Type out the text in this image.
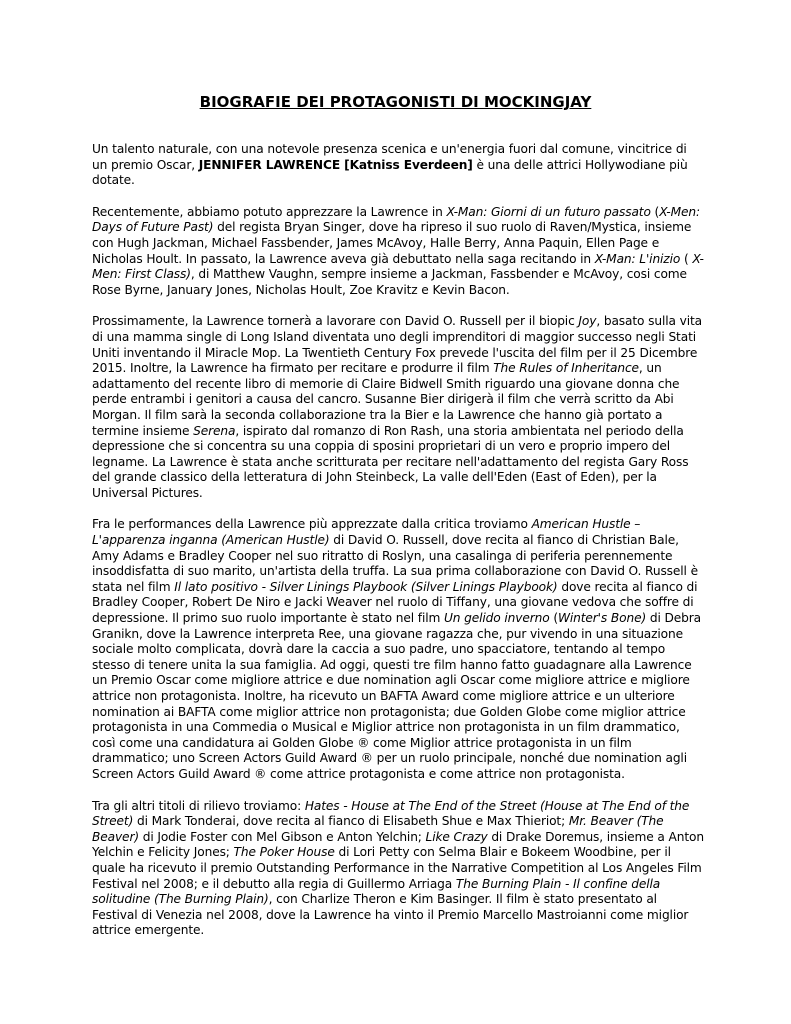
BIOGRAFIE DEI PROTAGONISTI DI MOCKINGJAY

Un talento naturale, con una notevole presenza scenica e un'energia fuori dal comune, vincitrice di un premio Oscar, JENNIFER LAWRENCE [Katniss Everdeen] è una delle attrici Hollywodiane più dotate.

Recentemente, abbiamo potuto apprezzare la Lawrence in X-Man: Giorni di un futuro passato (X-Men: Days of Future Past) del regista Bryan Singer, dove ha ripreso il suo ruolo di Raven/Mystica, insieme con Hugh Jackman, Michael Fassbender, James McAvoy, Halle Berry, Anna Paquin, Ellen Page e Nicholas Hoult. In passato, la Lawrence aveva già debuttato nella saga recitando in X-Man: L'inizio ( X-Men: First Class), di Matthew Vaughn, sempre insieme a Jackman, Fassbender e McAvoy, cosi come Rose Byrne, January Jones, Nicholas Hoult, Zoe Kravitz e Kevin Bacon.

Prossimamente, la Lawrence tornerà a lavorare con David O. Russell per il biopic Joy, basato sulla vita di una mamma single di Long Island diventata uno degli imprenditori di maggior successo negli Stati Uniti inventando il Miracle Mop. La Twentieth Century Fox prevede l'uscita del film per il 25 Dicembre 2015. Inoltre, la Lawrence ha firmato per recitare e produrre il film The Rules of Inheritance, un adattamento del recente libro di memorie di Claire Bidwell Smith riguardo una giovane donna che perde entrambi i genitori a causa del cancro. Susanne Bier dirigerà il film che verrà scritto da Abi Morgan. Il film sarà la seconda collaborazione tra la Bier e la Lawrence che hanno già portato a termine insieme Serena, ispirato dal romanzo di Ron Rash, una storia ambientata nel periodo della depressione che si concentra su una coppia di sposini proprietari di un vero e proprio impero del legname. La Lawrence è stata anche scritturata per recitare nell'adattamento del regista Gary Ross del grande classico della letteratura di John Steinbeck, La valle dell'Eden (East of Eden), per la Universal Pictures.

Fra le performances della Lawrence più apprezzate dalla critica troviamo American Hustle – L'apparenza inganna (American Hustle) di David O. Russell, dove recita al fianco di Christian Bale, Amy Adams e Bradley Cooper nel suo ritratto di Roslyn, una casalinga di periferia perennemente insoddisfatta di suo marito, un'artista della truffa. La sua prima collaborazione con David O. Russell è stata nel film Il lato positivo - Silver Linings Playbook (Silver Linings Playbook) dove recita al fianco di Bradley Cooper, Robert De Niro e Jacki Weaver nel ruolo di Tiffany, una giovane vedova che soffre di depressione. Il primo suo ruolo importante è stato nel film Un gelido inverno (Winter's Bone) di Debra Granikn, dove la Lawrence interpreta Ree, una giovane ragazza che, pur vivendo in una situazione sociale molto complicata, dovrà dare la caccia a suo padre, uno spacciatore, tentando al tempo stesso di tenere unita la sua famiglia. Ad oggi, questi tre film hanno fatto guadagnare alla Lawrence un Premio Oscar come migliore attrice e due nomination agli Oscar come migliore attrice e migliore attrice non protagonista. Inoltre, ha ricevuto un BAFTA Award come migliore attrice e un ulteriore nomination ai BAFTA come miglior attrice non protagonista; due Golden Globe come miglior attrice protagonista in una Commedia o Musical e Miglior attrice non protagonista in un film drammatico, così come una candidatura ai Golden Globe ® come Miglior attrice protagonista in un film drammatico; uno Screen Actors Guild Award ® per un ruolo principale, nonché due nomination agli Screen Actors Guild Award ® come attrice protagonista e come attrice non protagonista.

Tra gli altri titoli di rilievo troviamo: Hates - House at The End of the Street (House at The End of the Street) di Mark Tonderai, dove recita al fianco di Elisabeth Shue e Max Thieriot; Mr. Beaver (The Beaver) di Jodie Foster con Mel Gibson e Anton Yelchin; Like Crazy di Drake Doremus, insieme a Anton Yelchin e Felicity Jones; The Poker House di Lori Petty con Selma Blair e Bokeem Woodbine, per il quale ha ricevuto il premio Outstanding Performance in the Narrative Competition al Los Angeles Film Festival nel 2008; e il debutto alla regia di Guillermo Arriaga The Burning Plain - Il confine della solitudine (The Burning Plain), con Charlize Theron e Kim Basinger. Il film è stato presentato al Festival di Venezia nel 2008, dove la Lawrence ha vinto il Premio Marcello Mastroianni come miglior attrice emergente.
